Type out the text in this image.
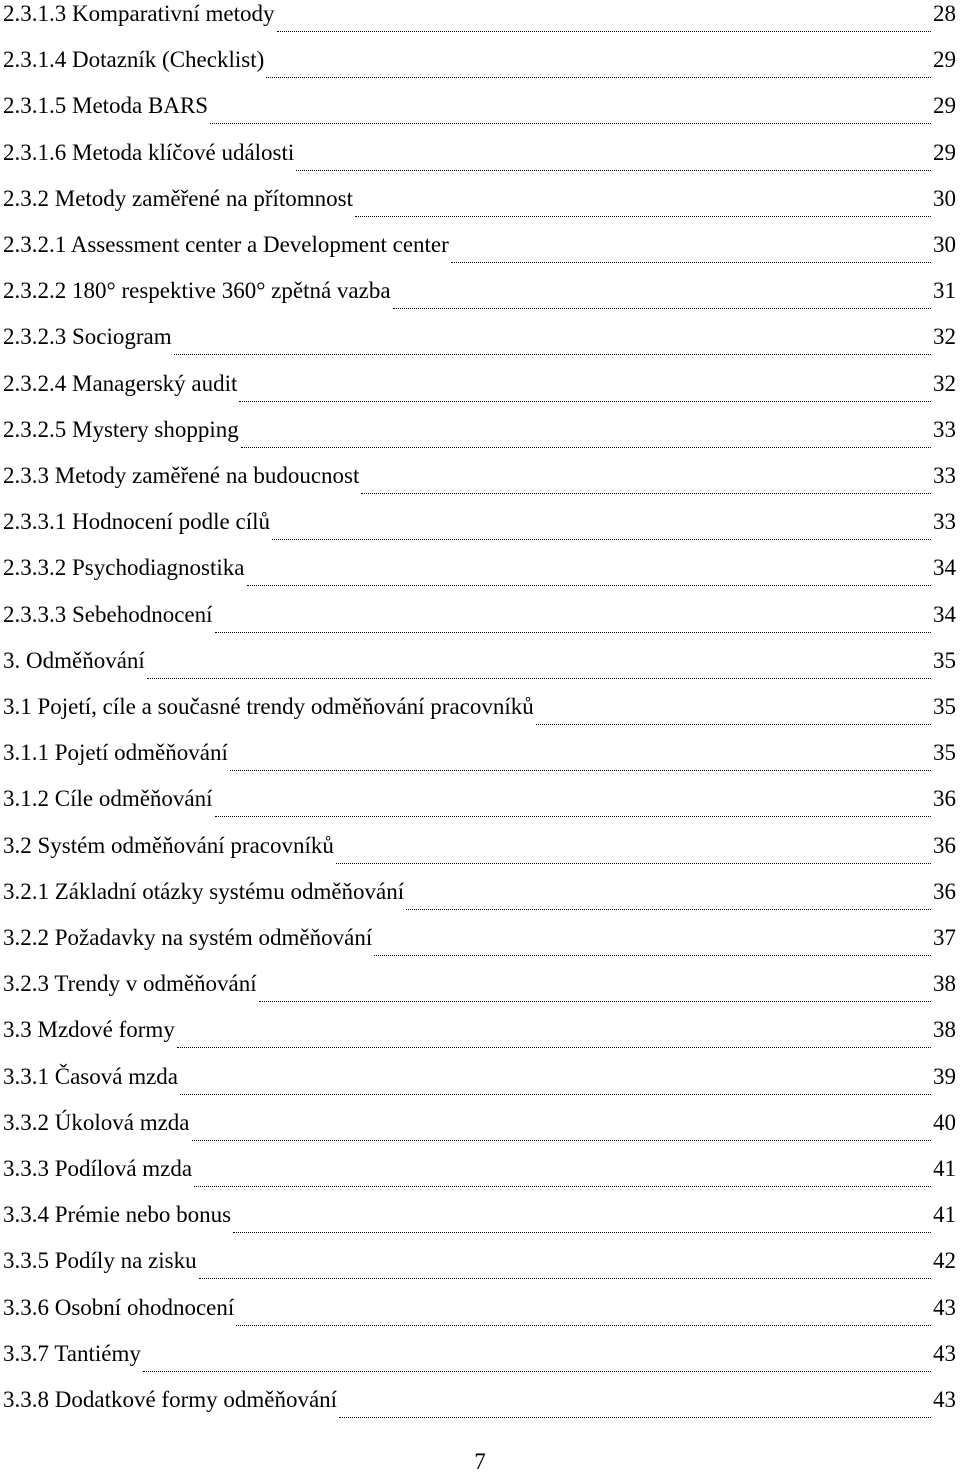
2.3.1.3 Komparativní metody	28
2.3.1.4 Dotazník (Checklist)	29
2.3.1.5 Metoda BARS	29
2.3.1.6 Metoda klíčové události	29
2.3.2 Metody zaměřené na přítomnost	30
2.3.2.1 Assessment center a Development center	30
2.3.2.2 180° respektive 360° zpětná vazba	31
2.3.2.3 Sociogram	32
2.3.2.4 Managerský audit	32
2.3.2.5 Mystery shopping	33
2.3.3 Metody zaměřené na budoucnost	33
2.3.3.1 Hodnocení podle cílů	33
2.3.3.2 Psychodiagnostika	34
2.3.3.3 Sebehodnocení	34
3. Odměňování	35
3.1 Pojetí, cíle a současné trendy odměňování pracovníků	35
3.1.1 Pojetí odměňování	35
3.1.2 Cíle odměňování	36
3.2 Systém odměňování pracovníků	36
3.2.1 Základní otázky systému odměňování	36
3.2.2 Požadavky na systém odměňování	37
3.2.3 Trendy v odměňování	38
3.3 Mzdové formy	38
3.3.1 Časová mzda	39
3.3.2 Úkolová mzda	40
3.3.3 Podílová mzda	41
3.3.4 Prémie nebo bonus	41
3.3.5 Podíly na zisku	42
3.3.6 Osobní ohodnocení	43
3.3.7 Tantiémy	43
3.3.8 Dodatkové formy odměňování	43
7
